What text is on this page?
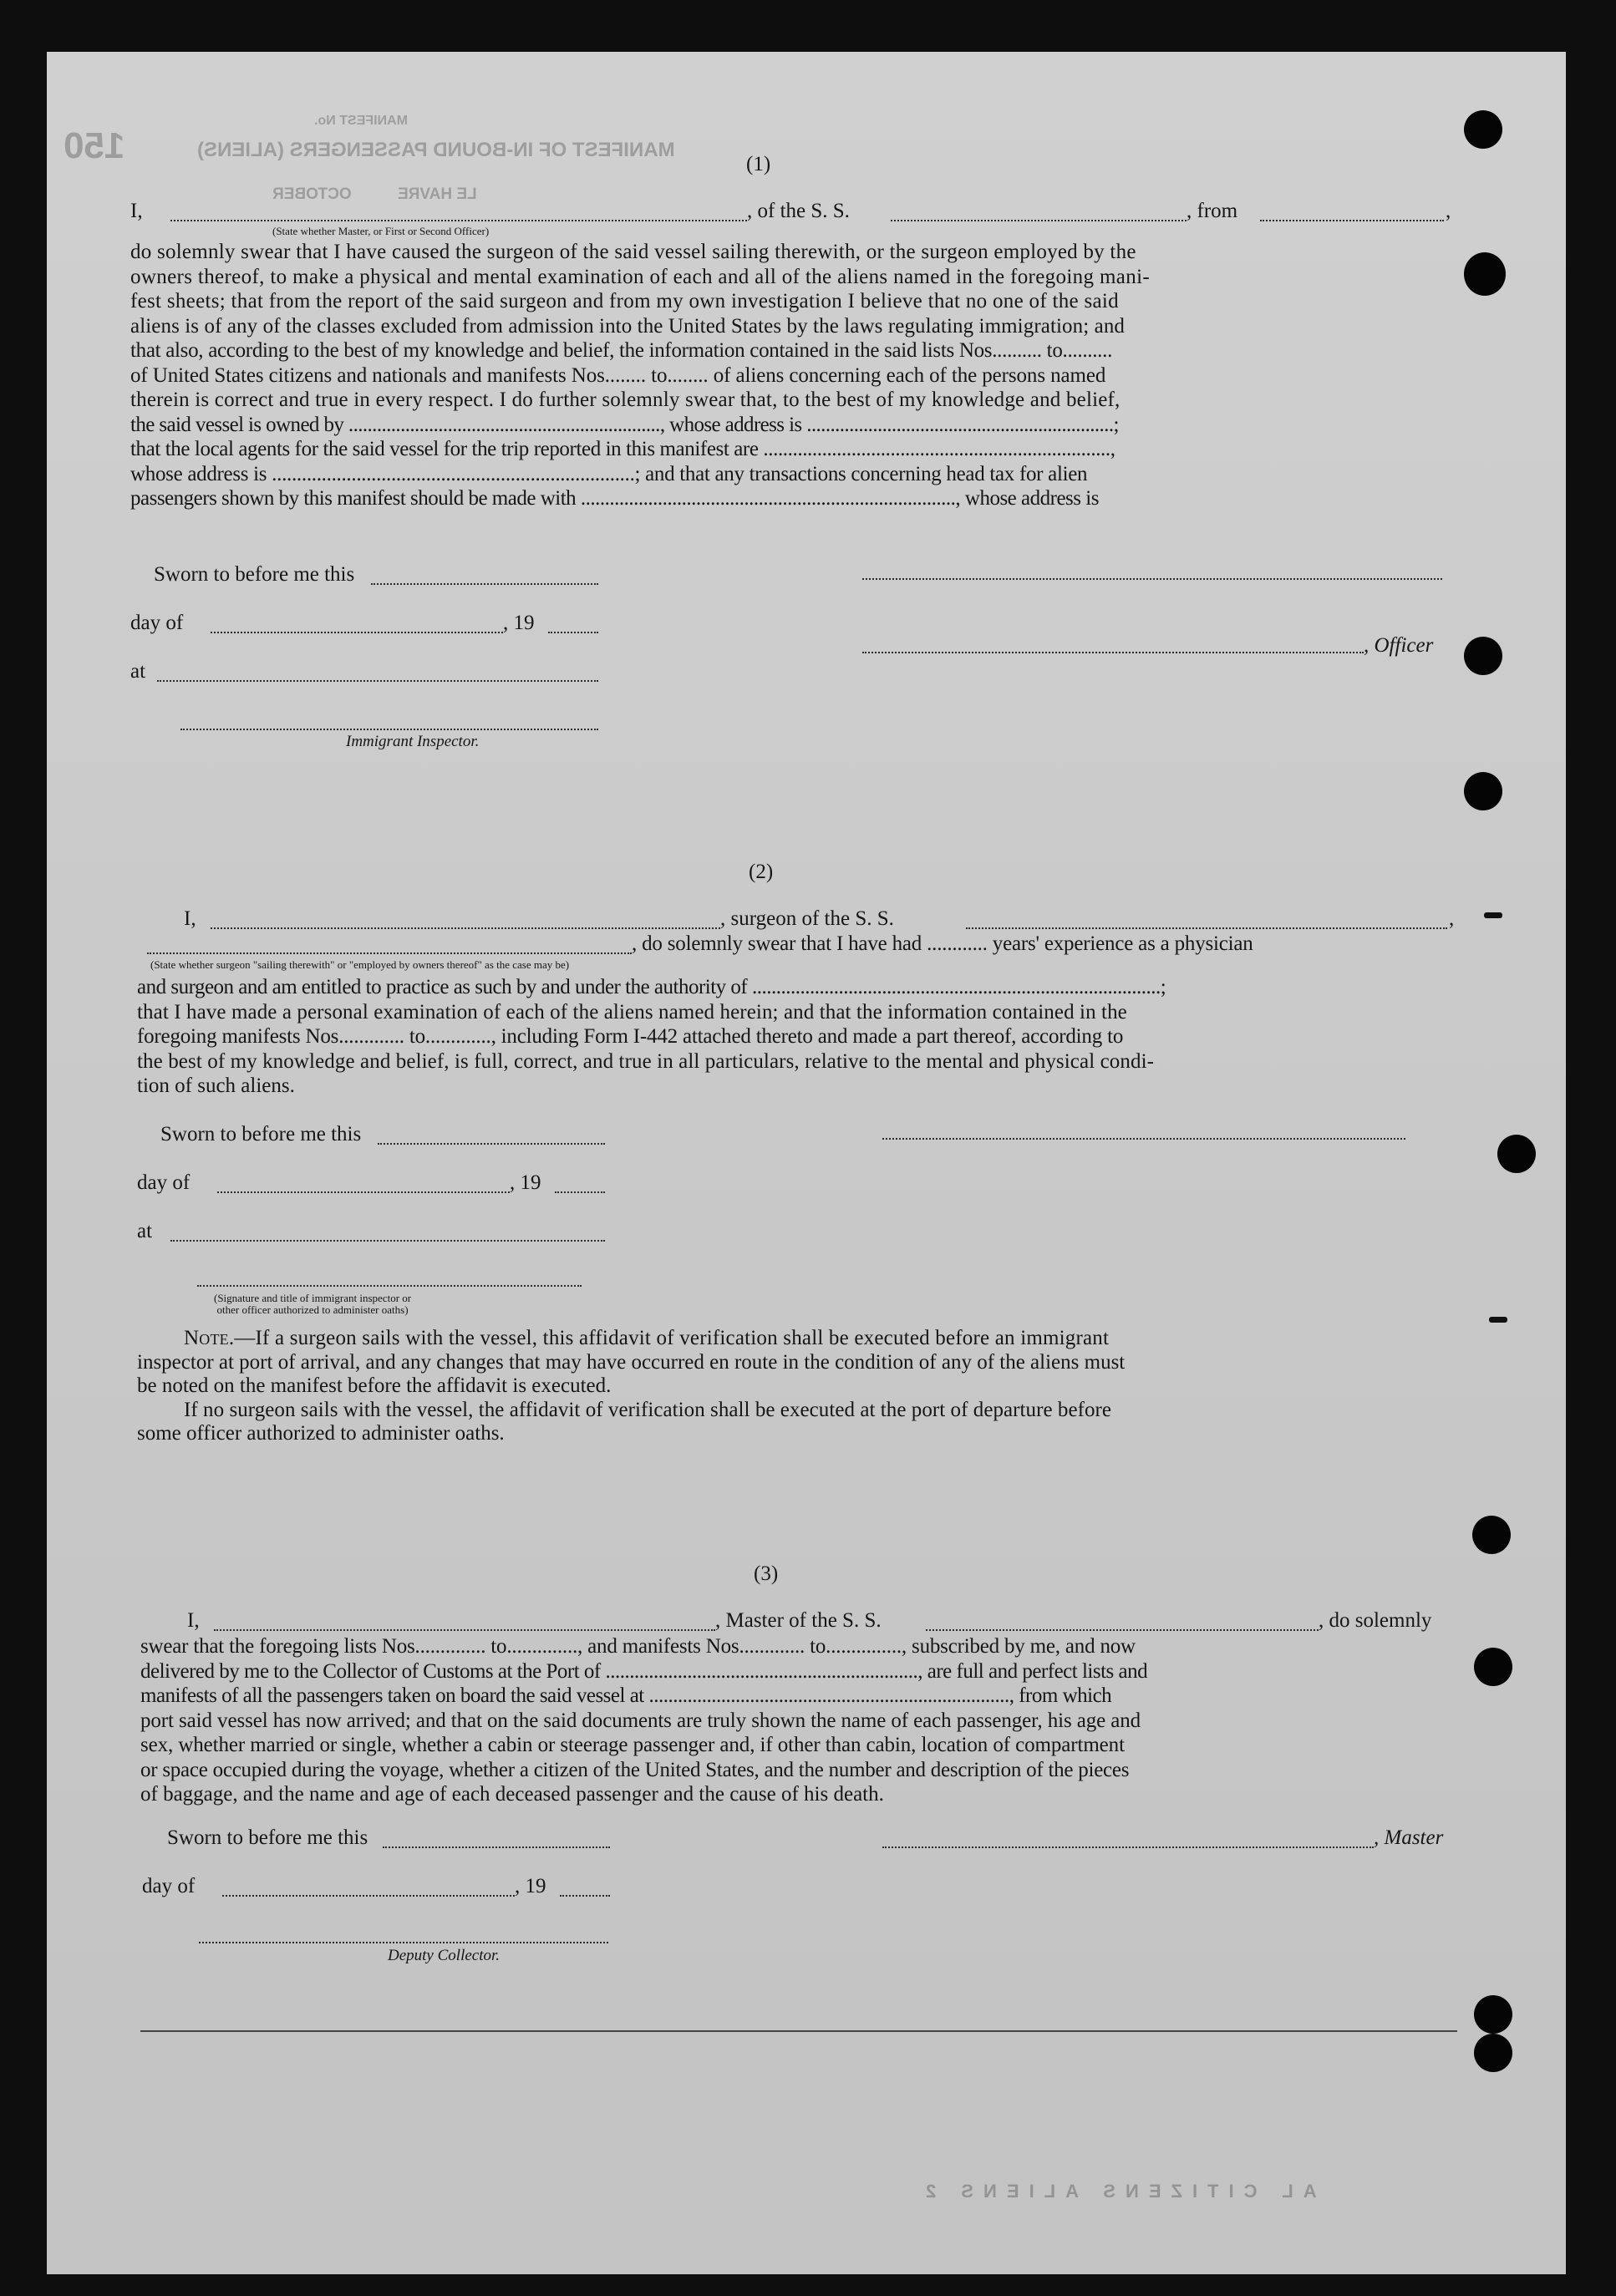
150
MANIFEST No.
MANIFEST OF IN-BOUND PASSENGERS (ALIENS)
LE HAVRE
OCTOBER
AL CITIZENS ALIENS 2
(1)
I,	, of the S. S.	, from	,
(State whether Master, or First or Second Officer)
do solemnly swear that I have caused the surgeon of the said vessel sailing therewith, or the surgeon employed by the
owners thereof, to make a physical and mental examination of each and all of the aliens named in the foregoing mani-
fest sheets; that from the report of the said surgeon and from my own investigation I believe that no one of the said
aliens is of any of the classes excluded from admission into the United States by the laws regulating immigration; and
that also, according to the best of my knowledge and belief, the information contained in the said lists Nos.......... to..........
of United States citizens and nationals and manifests Nos........ to........ of aliens concerning each of the persons named
therein is correct and true in every respect. I do further solemnly swear that, to the best of my knowledge and belief,
the said vessel is owned by .................................................................., whose address is .................................................................;
that the local agents for the said vessel for the trip reported in this manifest are .......................................................................,
whose address is .........................................................................; and that any transactions concerning head tax for alien
passengers shown by this manifest should be made with .............................................................................., whose address is
Sworn to before me this
day of	, 19
, Officer
at
Immigrant Inspector.
(2)
I,	, surgeon of the S. S.	,
, do solemnly swear that I have had ............ years' experience as a physician
(State whether surgeon "sailing therewith" or "employed by owners thereof" as the case may be)
and surgeon and am entitled to practice as such by and under the authority of .....................................................................................;
that I have made a personal examination of each of the aliens named herein; and that the information contained in the
foregoing manifests Nos............. to............., including Form I-442 attached thereto and made a part thereof, according to
the best of my knowledge and belief, is full, correct, and true in all particulars, relative to the mental and physical condi-
tion of such aliens.
Sworn to before me this
day of	, 19
at
(Signature and title of immigrant inspector or
other officer authorized to administer oaths)
Note.—If a surgeon sails with the vessel, this affidavit of verification shall be executed before an immigrant
inspector at port of arrival, and any changes that may have occurred en route in the condition of any of the aliens must
be noted on the manifest before the affidavit is executed.
If no surgeon sails with the vessel, the affidavit of verification shall be executed at the port of departure before
some officer authorized to administer oaths.
(3)
I,	, Master of the S. S.	, do solemnly
swear that the foregoing lists Nos.............. to.............., and manifests Nos............. to..............., subscribed by me, and now
delivered by me to the Collector of Customs at the Port of ................................................................., are full and perfect lists and
manifests of all the passengers taken on board the said vessel at ..........................................................................., from which
port said vessel has now arrived; and that on the said documents are truly shown the name of each passenger, his age and
sex, whether married or single, whether a cabin or steerage passenger and, if other than cabin, location of compartment
or space occupied during the voyage, whether a citizen of the United States, and the number and description of the pieces
of baggage, and the name and age of each deceased passenger and the cause of his death.
Sworn to before me this	, Master
day of	, 19
Deputy Collector.
